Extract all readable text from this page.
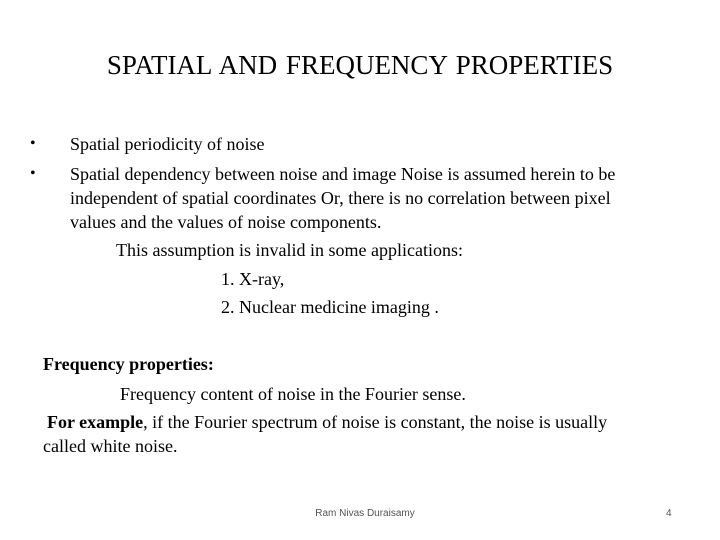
SPATIAL AND FREQUENCY PROPERTIES
• Spatial periodicity of noise
• Spatial dependency between noise and image Noise is assumed herein to be
independent of spatial coordinates Or, there is no correlation between pixel
values and the values of noise components.
This assumption is invalid in some applications:
1. X-ray,
2. Nuclear medicine imaging .
Frequency properties:
Frequency content of noise in the Fourier sense.
For example, if the Fourier spectrum of noise is constant, the noise is usually
called white noise.
Ram Nivas Duraisamy	4
